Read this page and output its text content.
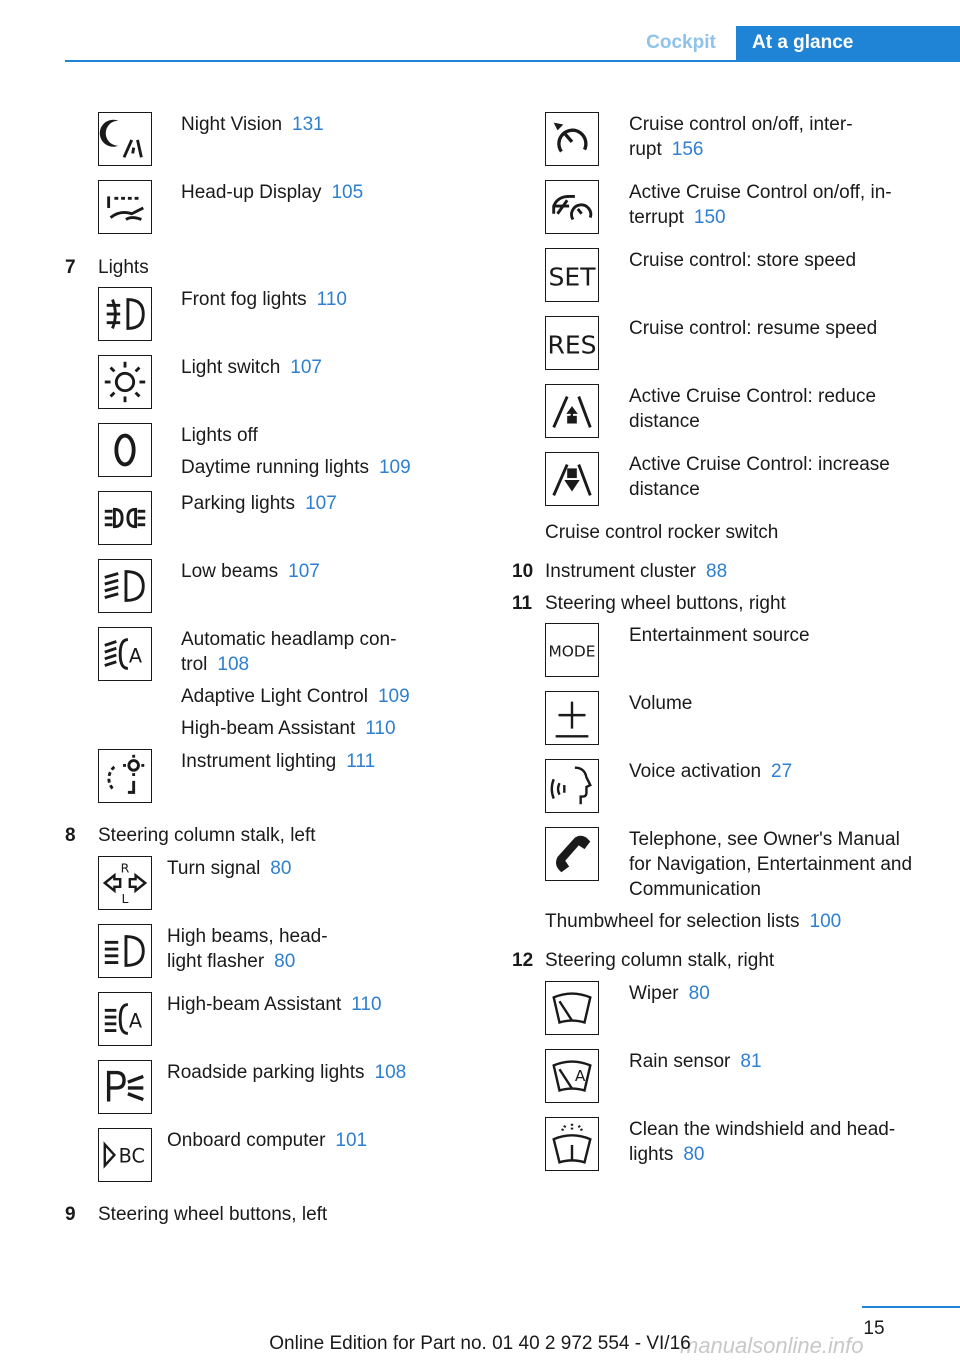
Cockpit	At a glance
Night Vision 131
Head-up Display 105
7 Lights
Front fog lights 110
Light switch 107
Lights off
Daytime running lights 109
Parking lights 107
Low beams 107
A
Automatic headlamp con-
trol 108
Adaptive Light Control 109
High-beam Assistant 110
Instrument lighting 111
8 Steering column stalk, left
R
L
Turn signal 80
High beams, head-
light flasher 80
A
High-beam Assistant 110
Roadside parking lights 108
BC
Onboard computer 101
9 Steering wheel buttons, left
Cruise control on/off, inter-
rupt 156
Active Cruise Control on/off, in-
terrupt 150
SET
Cruise control: store speed
RES
Cruise control: resume speed
Active Cruise Control: reduce
distance
Active Cruise Control: increase
distance
Cruise control rocker switch
10 Instrument cluster 88
11 Steering wheel buttons, right
MODE
Entertainment source
Volume
Voice activation 27
Telephone, see Owner's Manual
for Navigation, Entertainment and
Communication
Thumbwheel for selection lists 100
12 Steering column stalk, right
Wiper 80
A
Rain sensor 81
Clean the windshield and head-
lights 80
15
manualsonline.info
Online Edition for Part no. 01 40 2 972 554 - VI/16
